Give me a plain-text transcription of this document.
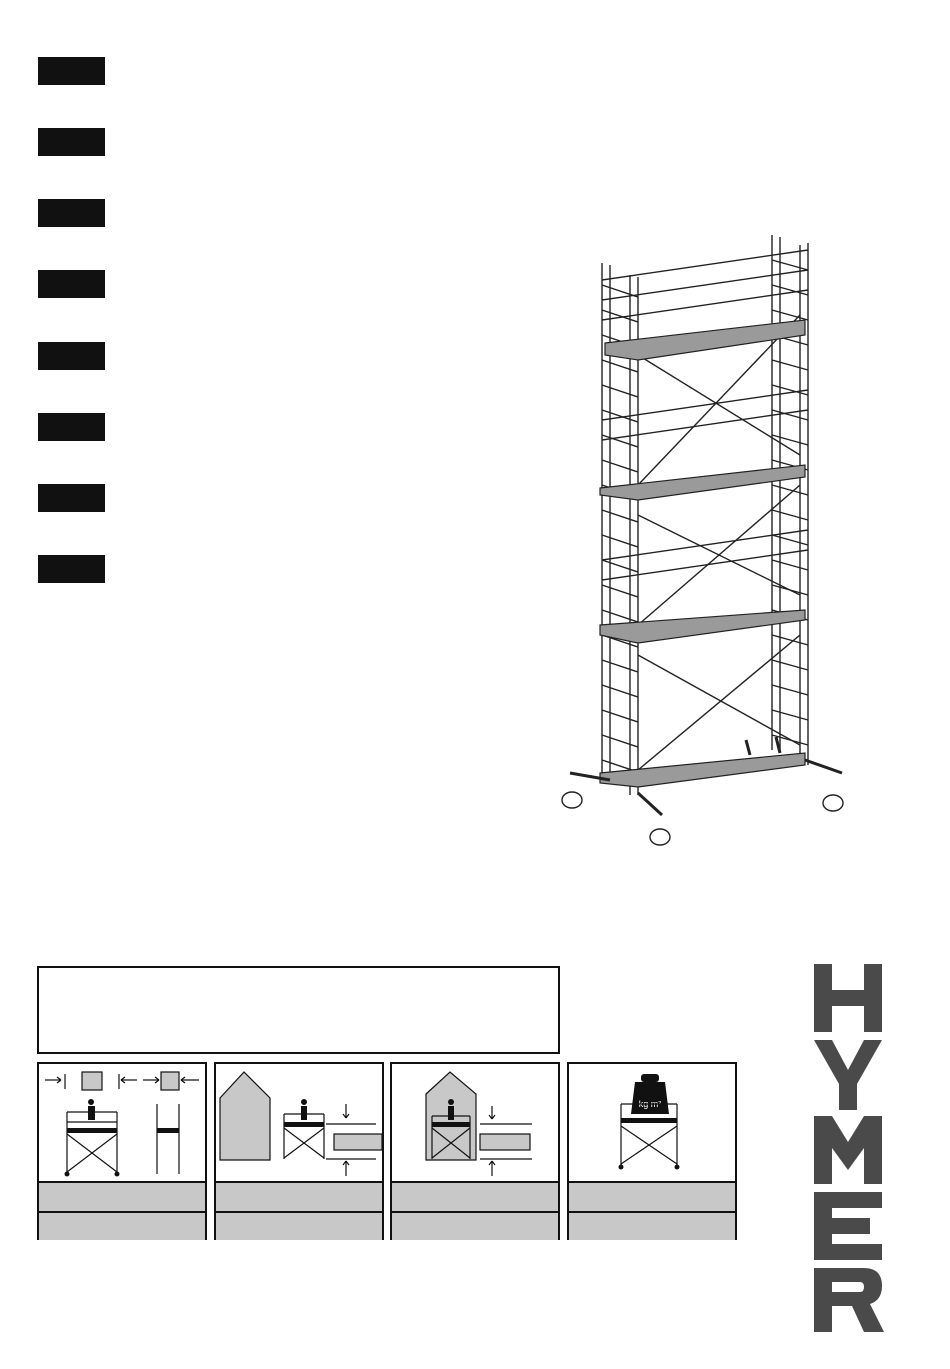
kg m²
